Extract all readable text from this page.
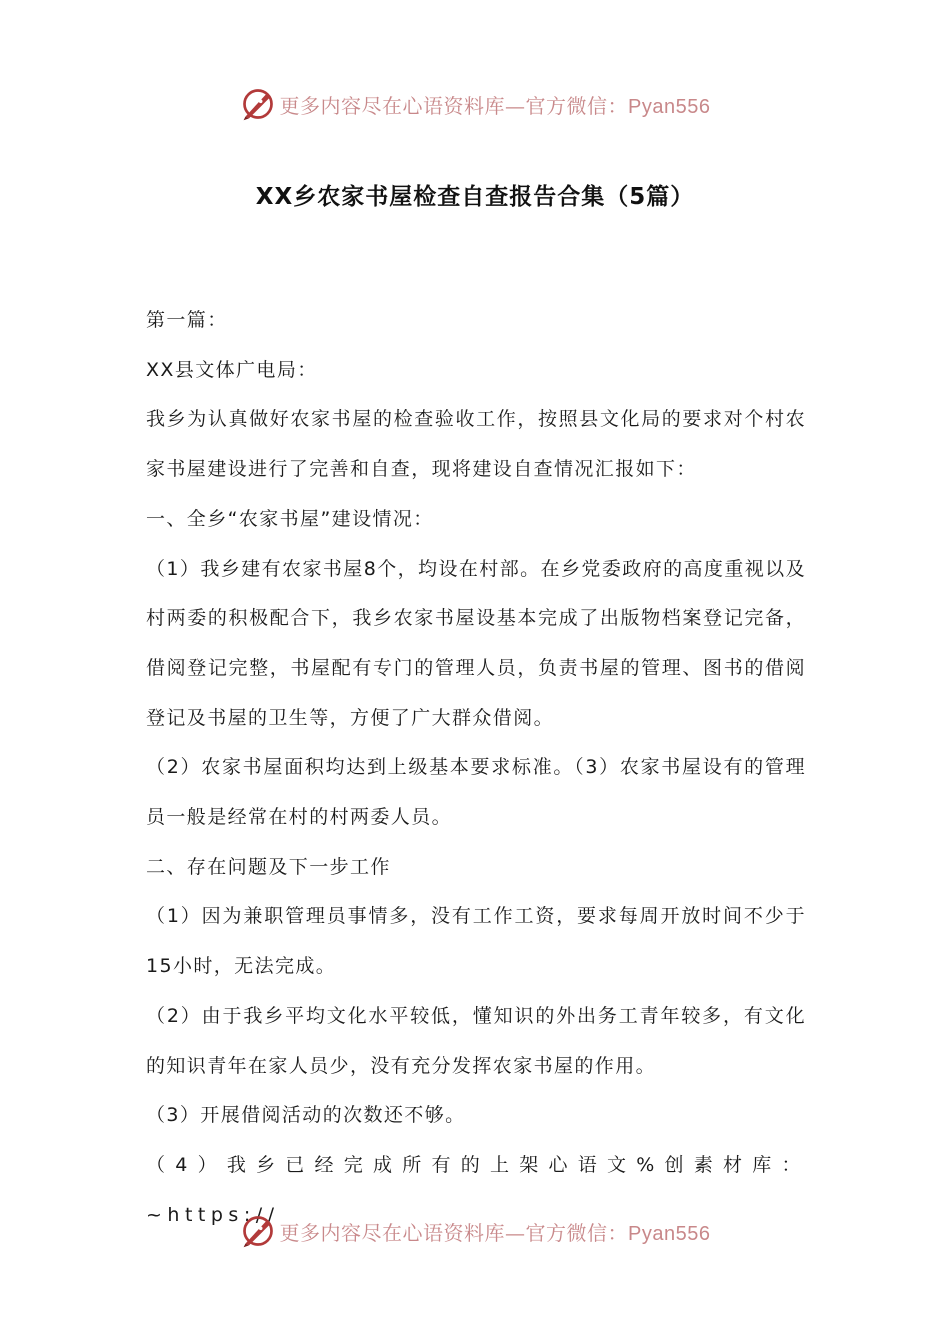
更多内容尽在心语资料库—官方微信：Pyan556
XX乡农家书屋检查自查报告合集（5篇）

第一篇：

XX县文体广电局：

我乡为认真做好农家书屋的检查验收工作，按照县文化局的要求对个村农家书屋建设进行了完善和自查，现将建设自查情况汇报如下：

一、全乡“农家书屋”建设情况：

（1）我乡建有农家书屋8个，均设在村部。在乡党委政府的高度重视以及村两委的积极配合下，我乡农家书屋设基本完成了出版物档案登记完备，借阅登记完整，书屋配有专门的管理人员，负责书屋的管理、图书的借阅登记及书屋的卫生等，方便了广大群众借阅。

（2）农家书屋面积均达到上级基本要求标准。（3）农家书屋设有的管理员一般是经常在村的村两委人员。

二、存在问题及下一步工作

（1）因为兼职管理员事情多，没有工作工资，要求每周开放时间不少于15小时，无法完成。

（2）由于我乡平均文化水平较低，懂知识的外出务工青年较多，有文化的知识青年在家人员少，没有充分发挥农家书屋的作用。

（3）开展借阅活动的次数还不够。

（4）我乡已经完成所有的上架心语文%创素材库：~https://

更多内容尽在心语资料库—官方微信：Pyan556
